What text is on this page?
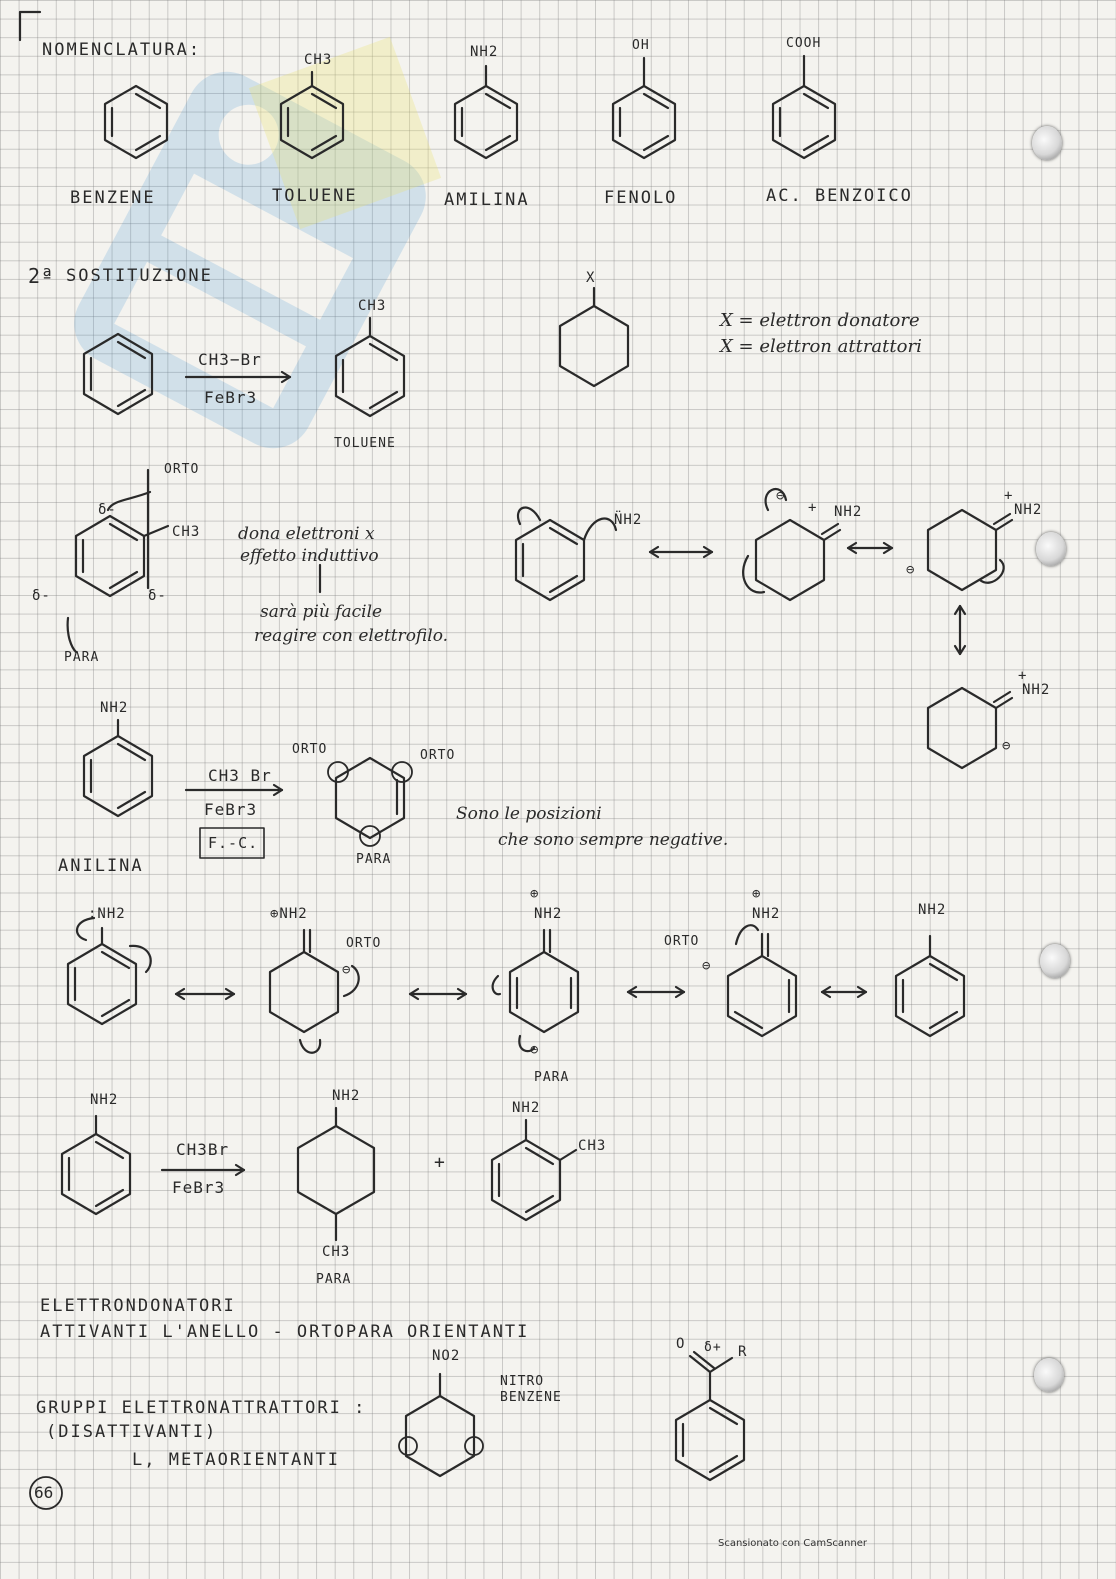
NOMENCLATURA:
2ª SOSTITUZIONE
CH3	NH2	OH	COOH
BENZENE	TOLUENE	AMILINA	FENOLO	AC. BENZOICO
CH3−Br
FeBr3
CH3
TOLUENE
X
X = elettron donatore
X = elettron attrattori
ORTO
δ-
CH3
δ-	δ-
PARA
dona elettroni x
effetto induttivo
sarà più facile
reagire con elettrofilo.
N̈H2
+ NH2
⊖	+
NH2
⊖
+
NH2
⊖
NH2
ANILINA
CH3 Br
FeBr3
F.-C.
ORTO	ORTO
PARA
Sono le posizioni
che sono sempre negative.
:NH2	⊕NH2
ORTO
⊖
⊕
NH2
⊖
PARA
ORTO
⊕
NH2
⊖
NH2
NH2
CH3Br
FeBr3
NH2
CH3
PARA
+
NH2
CH3
ELETTRONDONATORI
ATTIVANTI L'ANELLO - ORTOPARA ORIENTANTI
GRUPPI ELETTRONATTRATTORI :
(DISATTIVANTI)
L, METAORIENTANTI
NO2
NITRO
BENZENE
O δ+ R
66
Scansionato con CamScanner
